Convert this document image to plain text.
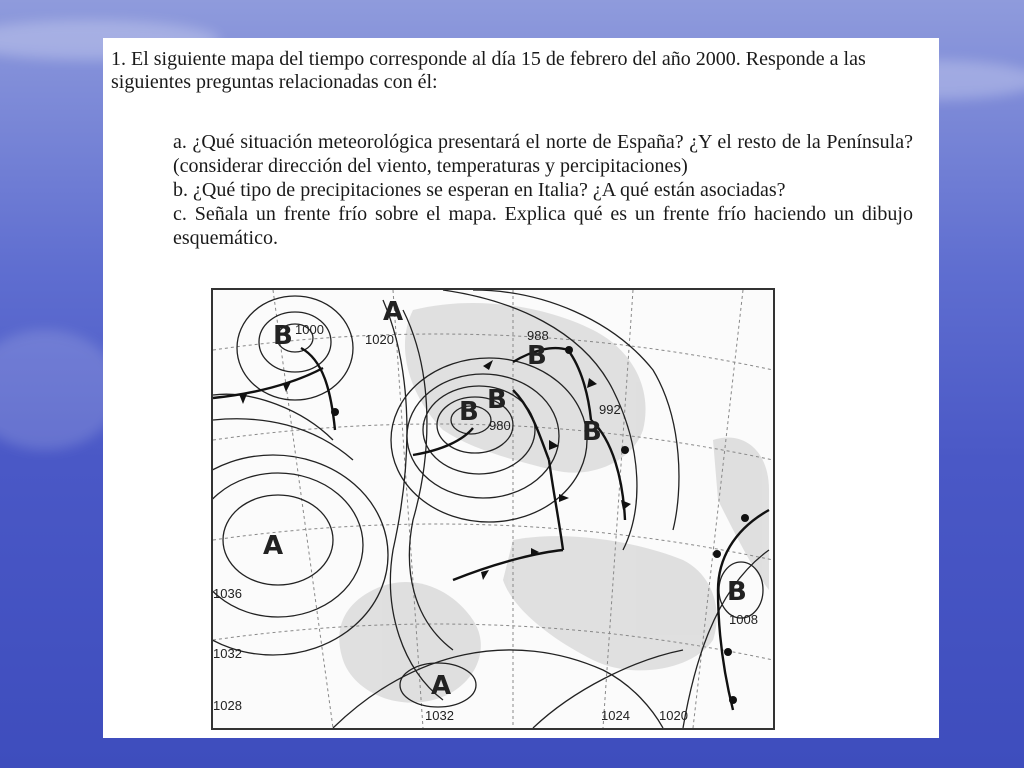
1. El siguiente mapa del tiempo corresponde al día 15 de febrero del año 2000. Responde a las siguientes preguntas relacionadas con él:

a. ¿Qué situación meteorológica presentará el norte de España? ¿Y el resto de la Península? (considerar dirección del viento, temperaturas y percipitaciones)
b. ¿Qué tipo de precipitaciones se esperan en Italia? ¿A qué están asociadas?
c. Señala un frente frío sobre el mapa. Explica qué es un frente frío haciendo un dibujo esquemático.
B
A
B B
B
B
A
B
A
1000
1020	988
980
992
1036
1032
1028
1032	1024 1020
1008
